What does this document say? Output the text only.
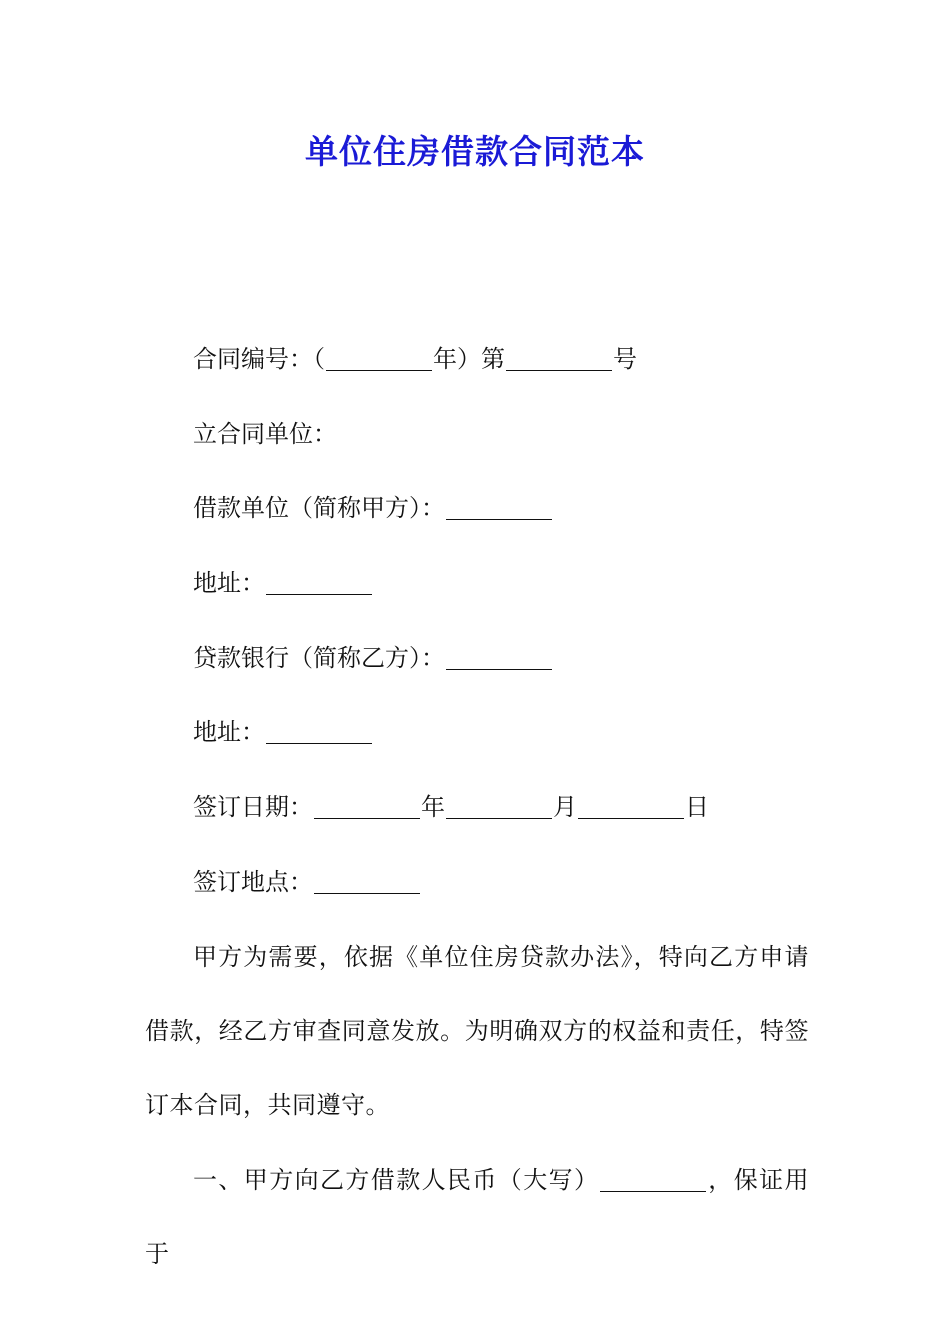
单位住房借款合同范本
合同编号：（	年）第	号
立合同单位：
借款单位（简称甲方）：
地址：
贷款银行（简称乙方）：
地址：
签订日期：	年	月	日
签订地点：
甲方为需要，依据《单位住房贷款办法》，特向乙方申请借款，经乙方审查同意发放。为明确双方的权益和责任，特签订本合同，共同遵守。
一、甲方向乙方借款人民币（大写）	，保证用于
